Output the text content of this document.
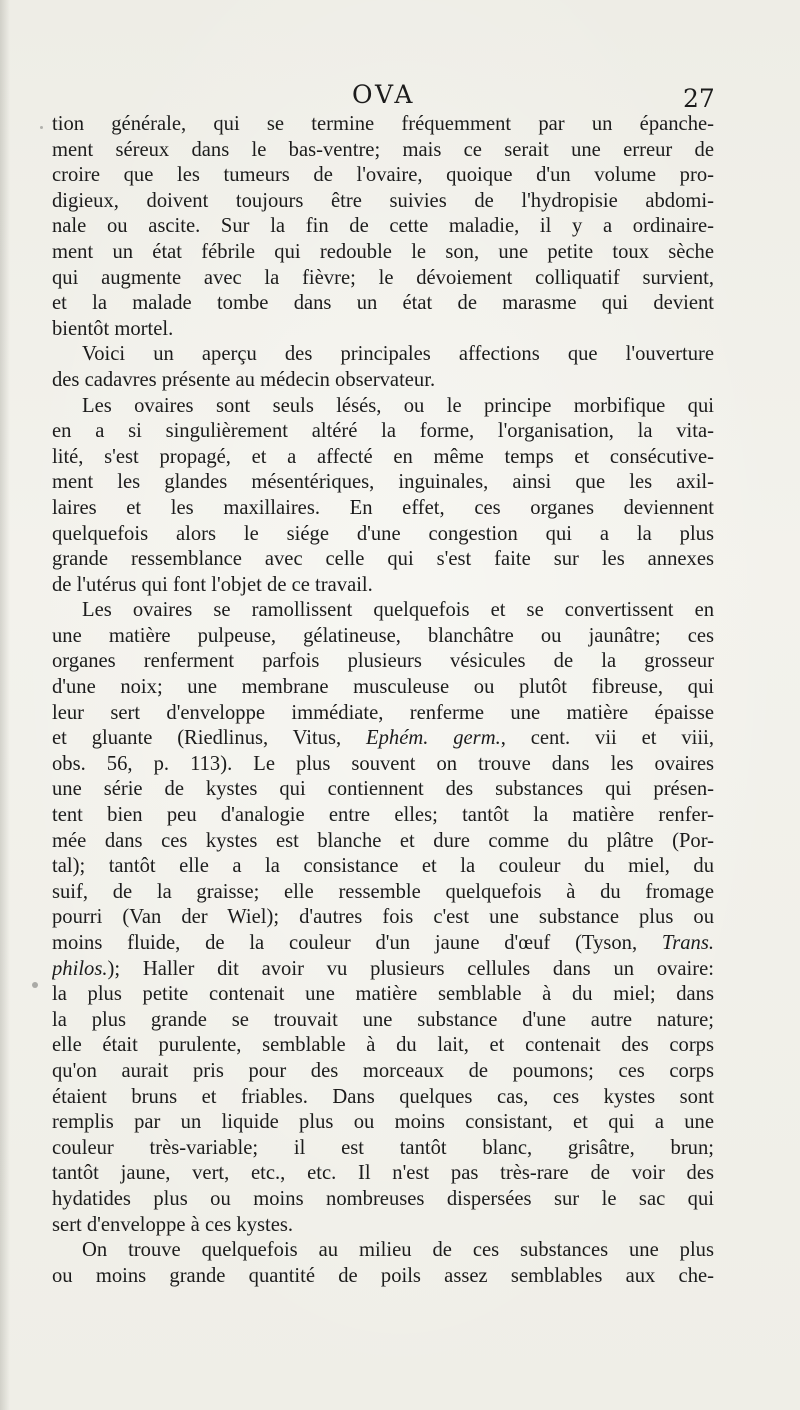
OVA	27
tion générale, qui se termine fréquemment par un épanche-
ment séreux dans le bas-ventre; mais ce serait une erreur de
croire que les tumeurs de l'ovaire, quoique d'un volume pro-
digieux, doivent toujours être suivies de l'hydropisie abdomi-
nale ou ascite. Sur la fin de cette maladie, il y a ordinaire-
ment un état fébrile qui redouble le son, une petite toux sèche
qui augmente avec la fièvre; le dévoiement colliquatif survient,
et la malade tombe dans un état de marasme qui devient
bientôt mortel.
Voici un aperçu des principales affections que l'ouverture
des cadavres présente au médecin observateur.
Les ovaires sont seuls lésés, ou le principe morbifique qui
en a si singulièrement altéré la forme, l'organisation, la vita-
lité, s'est propagé, et a affecté en même temps et consécutive-
ment les glandes mésentériques, inguinales, ainsi que les axil-
laires et les maxillaires. En effet, ces organes deviennent
quelquefois alors le siége d'une congestion qui a la plus
grande ressemblance avec celle qui s'est faite sur les annexes
de l'utérus qui font l'objet de ce travail.
Les ovaires se ramollissent quelquefois et se convertissent en
une matière pulpeuse, gélatineuse, blanchâtre ou jaunâtre; ces
organes renferment parfois plusieurs vésicules de la grosseur
d'une noix; une membrane musculeuse ou plutôt fibreuse, qui
leur sert d'enveloppe immédiate, renferme une matière épaisse
et gluante (Riedlinus, Vitus, Ephém. germ., cent. vii et viii,
obs. 56, p. 113). Le plus souvent on trouve dans les ovaires
une série de kystes qui contiennent des substances qui présen-
tent bien peu d'analogie entre elles; tantôt la matière renfer-
mée dans ces kystes est blanche et dure comme du plâtre (Por-
tal); tantôt elle a la consistance et la couleur du miel, du
suif, de la graisse; elle ressemble quelquefois à du fromage
pourri (Van der Wiel); d'autres fois c'est une substance plus ou
moins fluide, de la couleur d'un jaune d'œuf (Tyson, Trans.
philos.); Haller dit avoir vu plusieurs cellules dans un ovaire:
la plus petite contenait une matière semblable à du miel; dans
la plus grande se trouvait une substance d'une autre nature;
elle était purulente, semblable à du lait, et contenait des corps
qu'on aurait pris pour des morceaux de poumons; ces corps
étaient bruns et friables. Dans quelques cas, ces kystes sont
remplis par un liquide plus ou moins consistant, et qui a une
couleur très-variable; il est tantôt blanc, grisâtre, brun;
tantôt jaune, vert, etc., etc. Il n'est pas très-rare de voir des
hydatides plus ou moins nombreuses dispersées sur le sac qui
sert d'enveloppe à ces kystes.
On trouve quelquefois au milieu de ces substances une plus
ou moins grande quantité de poils assez semblables aux che-
